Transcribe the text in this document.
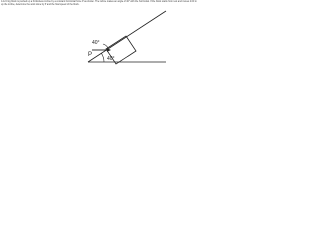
A 12.0 kg block is pushed up a frictionless incline by a constant horizontal force P as shown. The incline makes an angle of 40° with the horizontal. If the block starts from rest and moves 2.00 m up the incline, determine the work done by P and the final speed of the block.

P
40°
40°
